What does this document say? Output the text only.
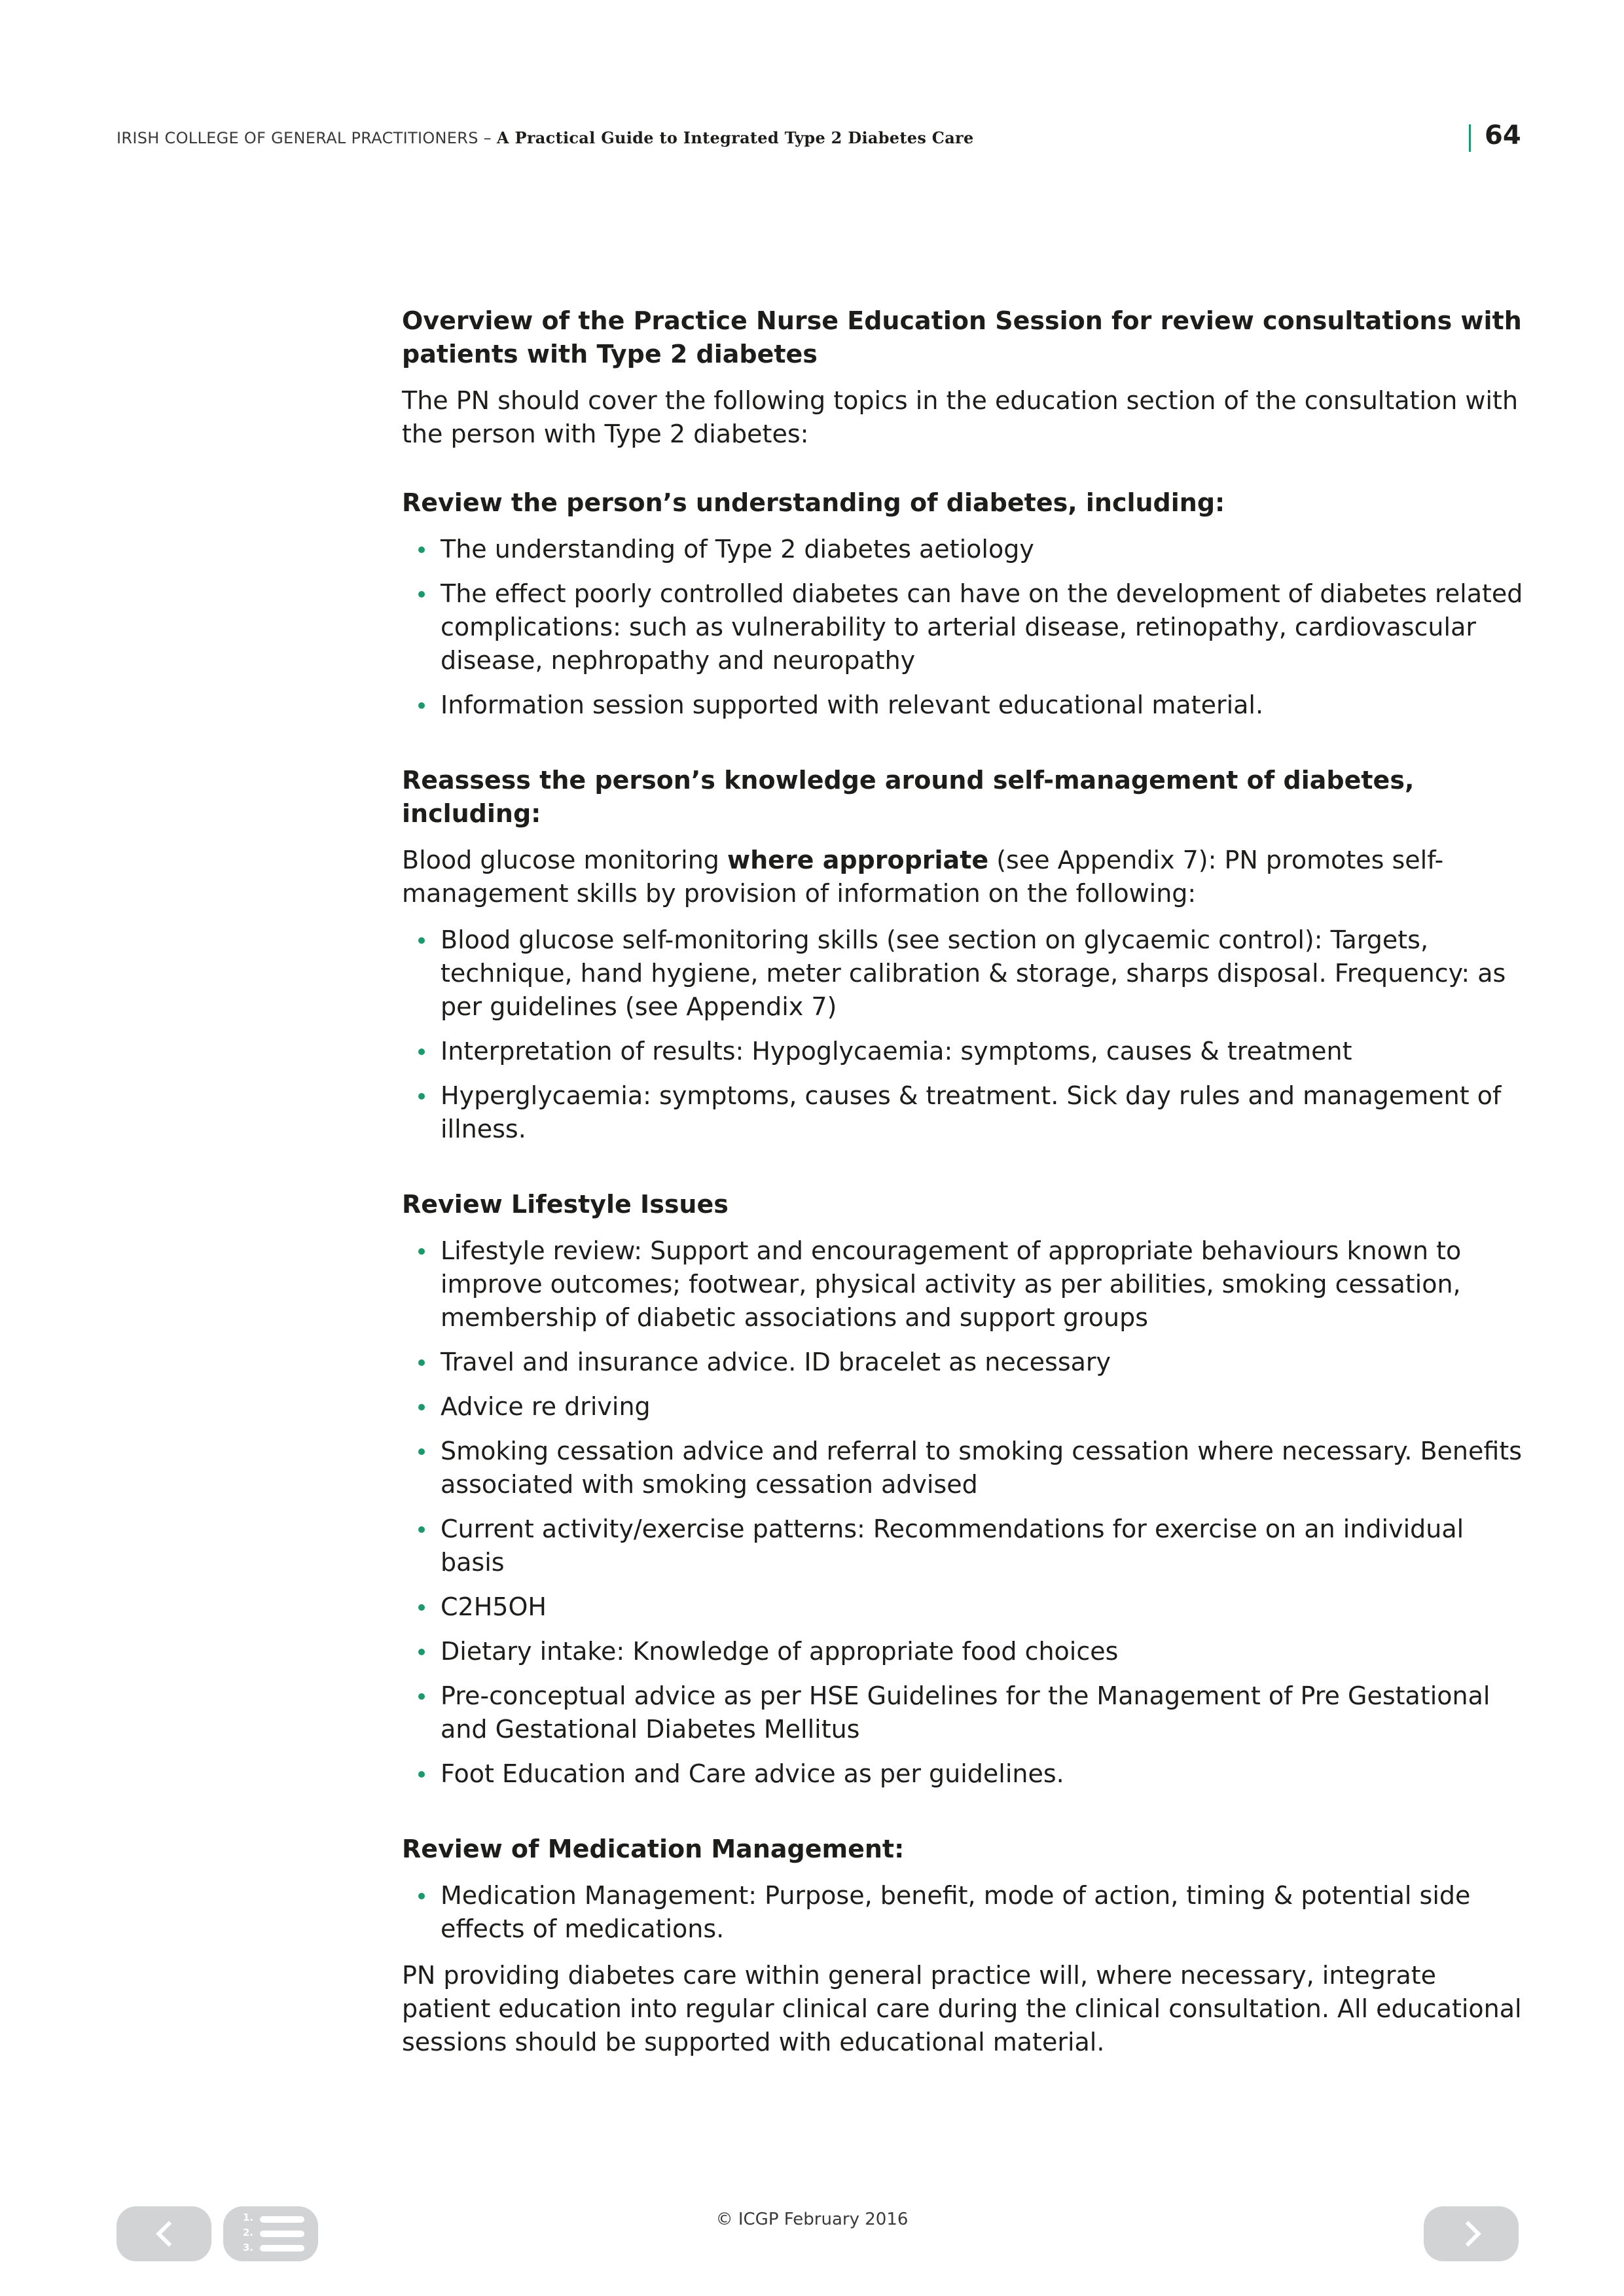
IRISH COLLEGE OF GENERAL PRACTITIONERS – A Practical Guide to Integrated Type 2 Diabetes Care	64
Overview of the Practice Nurse Education Session for review consultations with patients with Type 2 diabetes

The PN should cover the following topics in the education section of the consultation with the person with Type 2 diabetes:

Review the person’s understanding of diabetes, including:
The understanding of Type 2 diabetes aetiology
The effect poorly controlled diabetes can have on the development of diabetes related complications: such as vulnerability to arterial disease, retinopathy, cardiovascular disease, nephropathy and neuropathy
Information session supported with relevant educational material.
Reassess the person’s knowledge around self-management of diabetes, including:

Blood glucose monitoring where appropriate (see Appendix 7): PN promotes self-management skills by provision of information on the following:

Blood glucose self-monitoring skills (see section on glycaemic control): Targets, technique, hand hygiene, meter calibration & storage, sharps disposal. Frequency: as per guidelines (see Appendix 7)
Interpretation of results: Hypoglycaemia: symptoms, causes & treatment
Hyperglycaemia: symptoms, causes & treatment. Sick day rules and management of illness.
Review Lifestyle Issues
Lifestyle review: Support and encouragement of appropriate behaviours known to improve outcomes; footwear, physical activity as per abilities, smoking cessation, membership of diabetic associations and support groups
Travel and insurance advice. ID bracelet as necessary
Advice re driving
Smoking cessation advice and referral to smoking cessation where necessary. Benefits associated with smoking cessation advised
Current activity/exercise patterns: Recommendations for exercise on an individual basis
C2H5OH
Dietary intake: Knowledge of appropriate food choices
Pre-conceptual advice as per HSE Guidelines for the Management of Pre Gestational and Gestational Diabetes Mellitus
Foot Education and Care advice as per guidelines.
Review of Medication Management:
Medication Management: Purpose, benefit, mode of action, timing & potential side effects of medications.

PN providing diabetes care within general practice will, where necessary, integrate patient education into regular clinical care during the clinical consultation. All educational sessions should be supported with educational material.

© ICGP February 2016
1.
2.
3.
